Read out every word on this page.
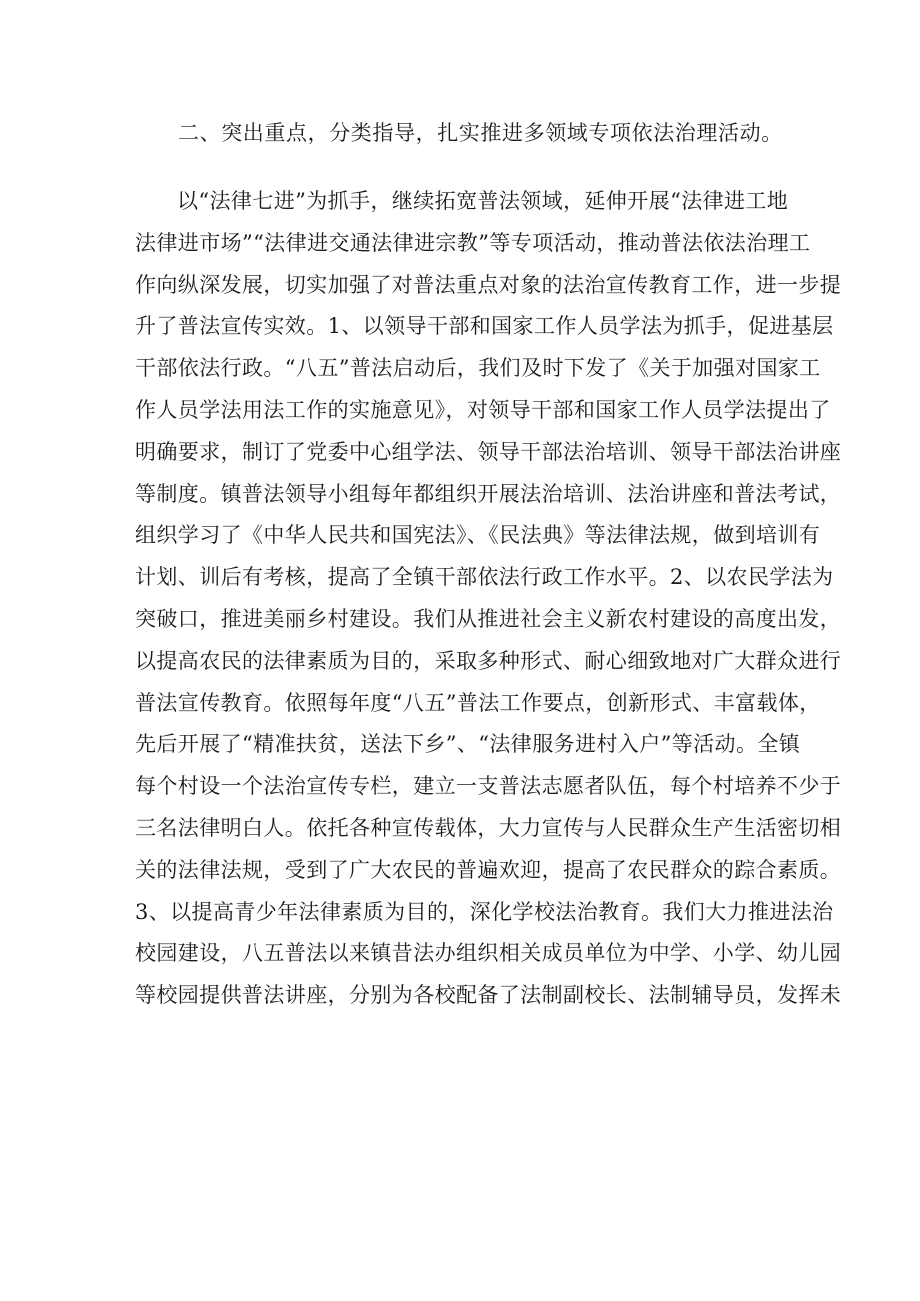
二、突出重点，分类指导，扎实推进多领域专项依法治理活动。
以“法律七进”为抓手，继续拓宽普法领域，延伸开展“法律进工地
法律进市场”“法律进交通法律进宗教”等专项活动，推动普法依法治理工
作向纵深发展，切实加强了对普法重点对象的法治宣传教育工作，进一步提
升了普法宣传实效。1、以领导干部和国家工作人员学法为抓手，促进基层
干部依法行政。“八五”普法启动后，我们及时下发了《关于加强对国家工
作人员学法用法工作的实施意见》，对领导干部和国家工作人员学法提出了
明确要求，制订了党委中心组学法、领导干部法治培训、领导干部法治讲座
等制度。镇普法领导小组每年都组织开展法治培训、法治讲座和普法考试，
组织学习了《中华人民共和国宪法》、《民法典》等法律法规，做到培训有
计划、训后有考核，提高了全镇干部依法行政工作水平。2、以农民学法为
突破口，推进美丽乡村建设。我们从推进社会主义新农村建设的高度出发，
以提高农民的法律素质为目的，采取多种形式、耐心细致地对广大群众进行
普法宣传教育。依照每年度“八五”普法工作要点，创新形式、丰富载体，
先后开展了“精准扶贫，送法下乡”、“法律服务进村入户”等活动。全镇
每个村设一个法治宣传专栏，建立一支普法志愿者队伍，每个村培养不少于
三名法律明白人。依托各种宣传载体，大力宣传与人民群众生产生活密切相
关的法律法规，受到了广大农民的普遍欢迎，提高了农民群众的踪合素质。
3、以提高青少年法律素质为目的，深化学校法治教育。我们大力推进法治
校园建设，八五普法以来镇昔法办组织相关成员单位为中学、小学、幼儿园
等校园提供普法讲座，分别为各校配备了法制副校长、法制辅导员，发挥未
